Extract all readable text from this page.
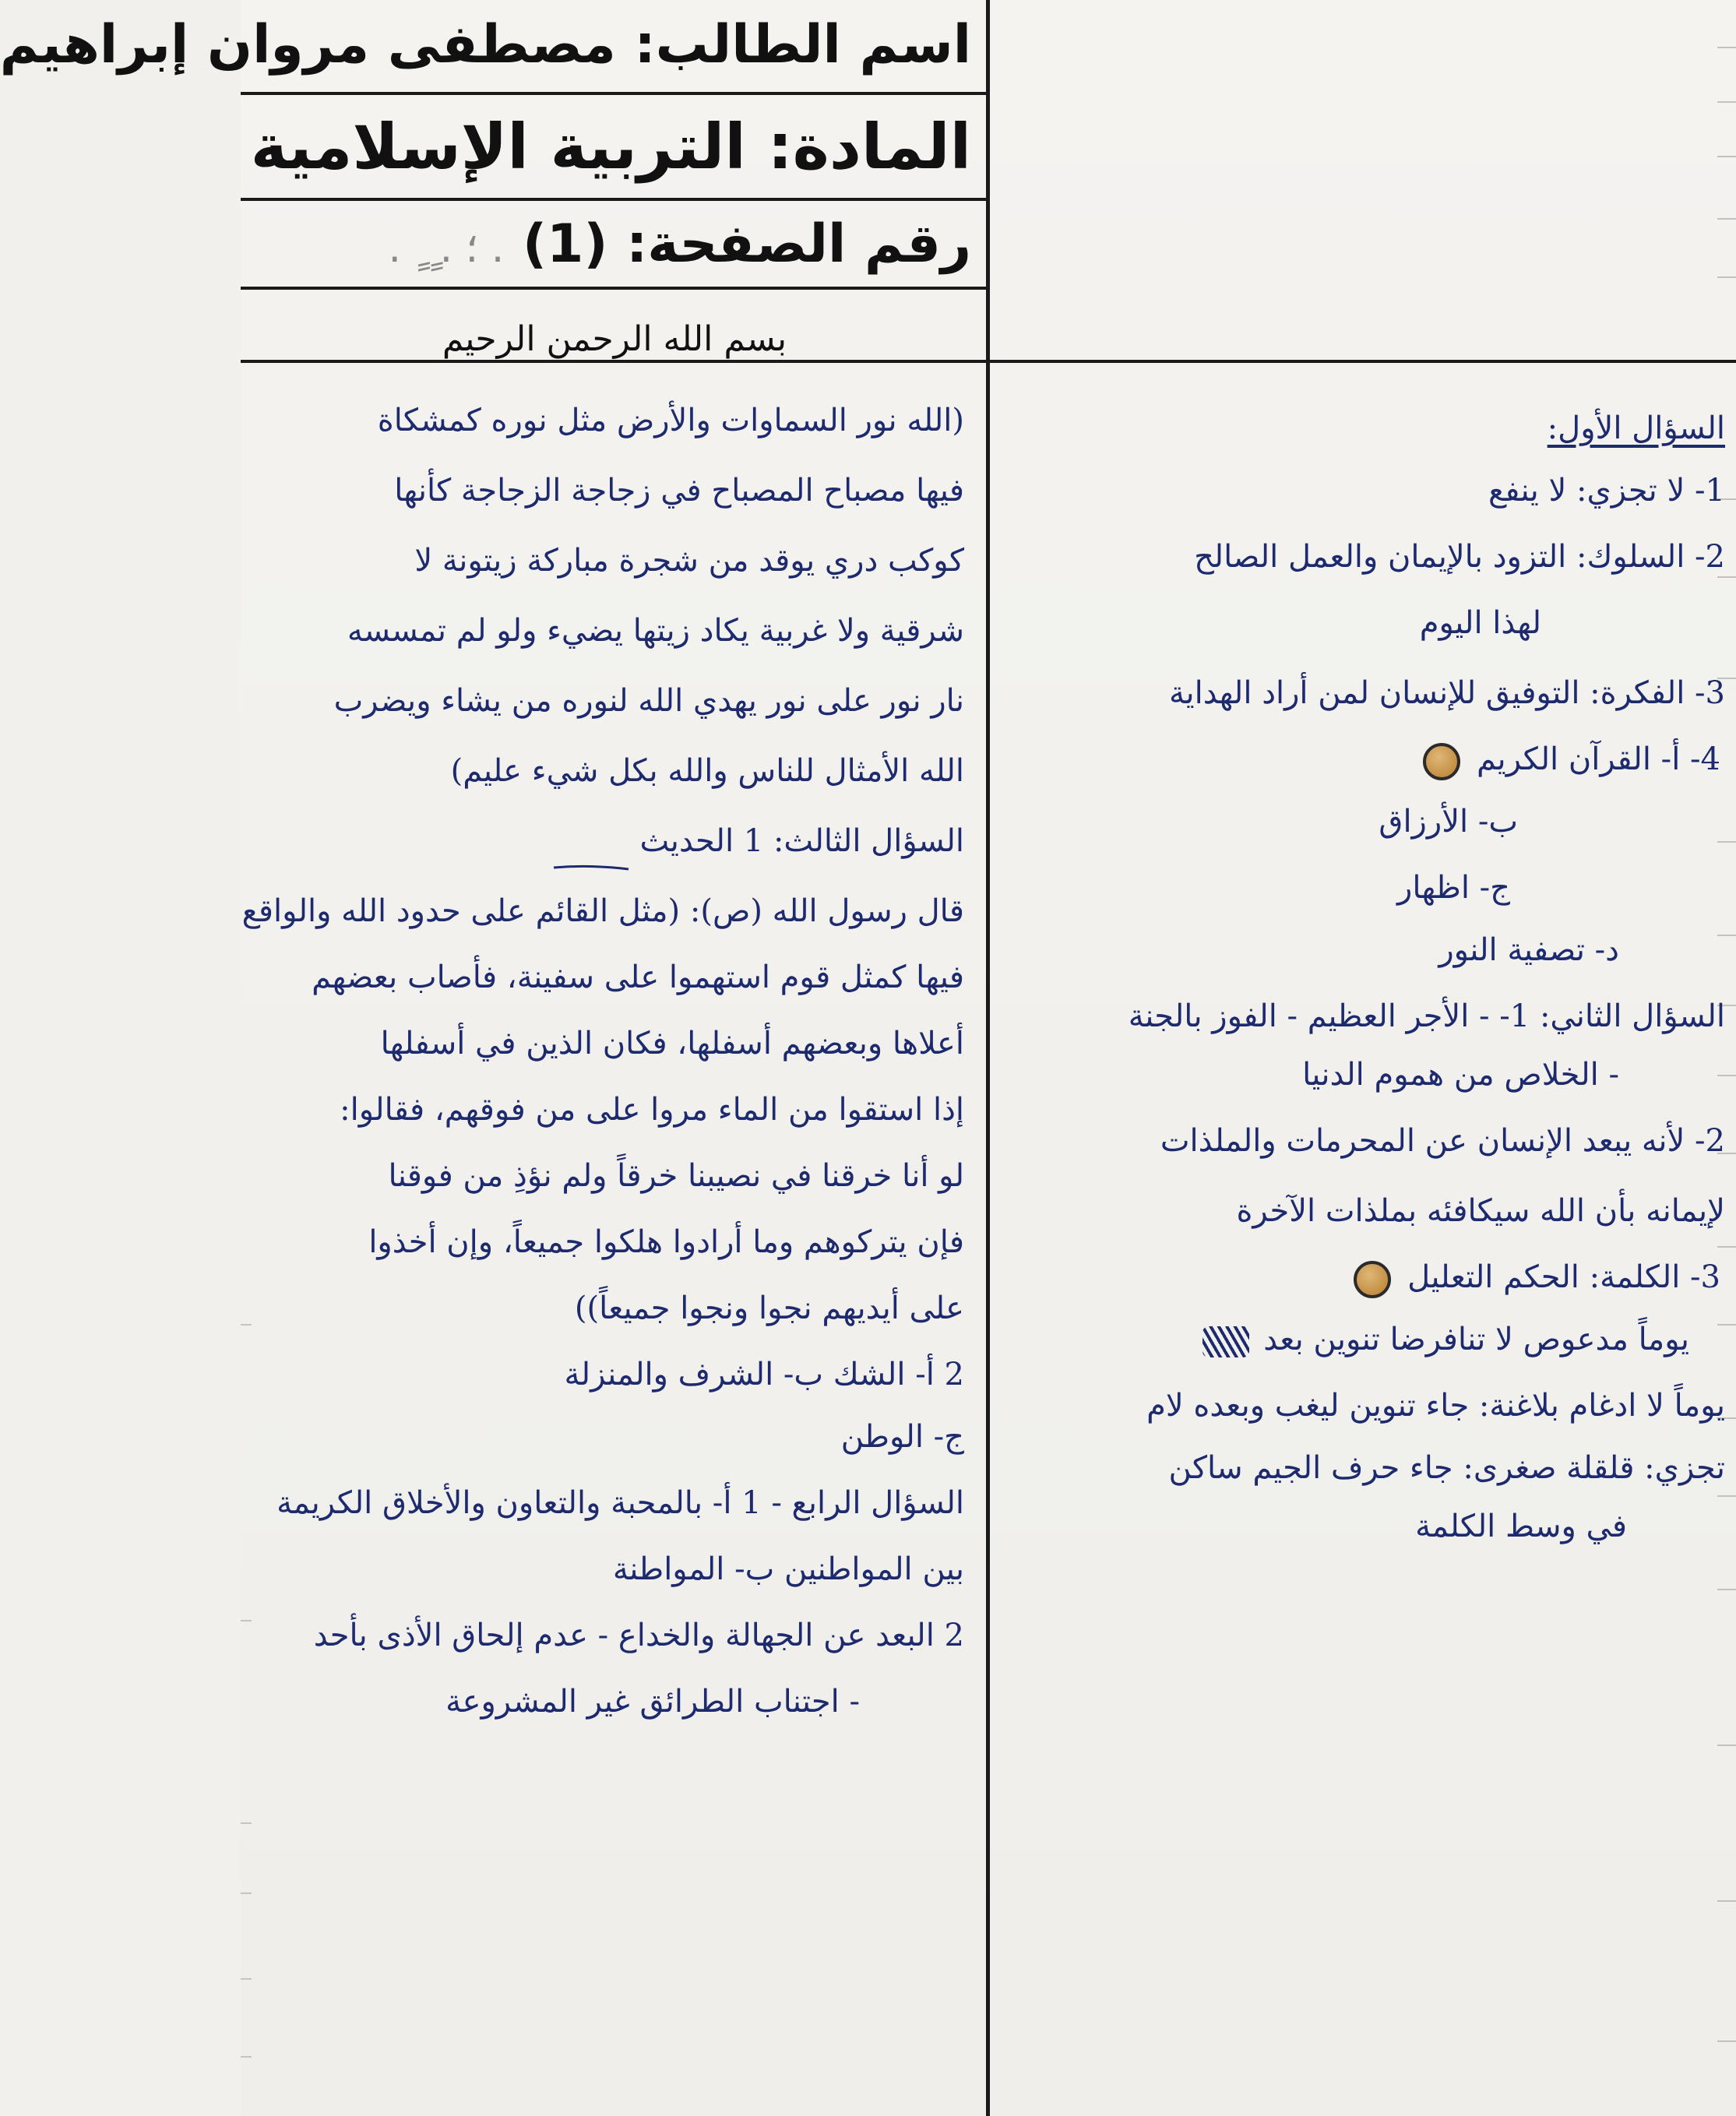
اسم الطالب: مصطفى مروان إبراهيم
المادة: التربية الإسلامية
رقم الصفحة: (1) . ؛ . ٍ ٍ .
بسم الله الرحمن الرحيم
السؤال الأول:
1- لا تجزي: لا ينفع
2- السلوك: التزود بالإيمان والعمل الصالح
لهذا اليوم
3- الفكرة: التوفيق للإنسان لمن أراد الهداية
4- أ- القرآن الكريم
ب- الأرزاق
ج- اظهار
د- تصفية النور
السؤال الثاني: 1- - الأجر العظيم - الفوز بالجنة
- الخلاص من هموم الدنيا
2- لأنه يبعد الإنسان عن المحرمات والملذات
لإيمانه بأن الله سيكافئه بملذات الآخرة
3- الكلمة: الحكم التعليل
يوماً مدعوص لا تنافرضا تنوين بعد
يوماً لا ادغام بلاغنة: جاء تنوين ليغب وبعده لام
تجزي: قلقلة صغرى: جاء حرف الجيم ساكن
في وسط الكلمة
(الله نور السماوات والأرض مثل نوره كمشكاة
فيها مصباح المصباح في زجاجة الزجاجة كأنها
كوكب دري يوقد من شجرة مباركة زيتونة لا
شرقية ولا غربية يكاد زيتها يضيء ولو لم تمسسه
نار نور على نور يهدي الله لنوره من يشاء ويضرب
الله الأمثال للناس والله بكل شيء عليم)
السؤال الثالث: 1 الحديث
قال رسول الله (ص): (مثل القائم على حدود الله والواقع
فيها كمثل قوم استهموا على سفينة، فأصاب بعضهم
أعلاها وبعضهم أسفلها، فكان الذين في أسفلها
إذا استقوا من الماء مروا على من فوقهم، فقالوا:
لو أنا خرقنا في نصيبنا خرقاً ولم نؤذِ من فوقنا
فإن يتركوهم وما أرادوا هلكوا جميعاً، وإن أخذوا
على أيديهم نجوا ونجوا جميعاً))
2 أ- الشك ب- الشرف والمنزلة
ج- الوطن
السؤال الرابع - 1 أ- بالمحبة والتعاون والأخلاق الكريمة
بين المواطنين ب- المواطنة
2 البعد عن الجهالة والخداع - عدم إلحاق الأذى بأحد
- اجتناب الطرائق غير المشروعة
